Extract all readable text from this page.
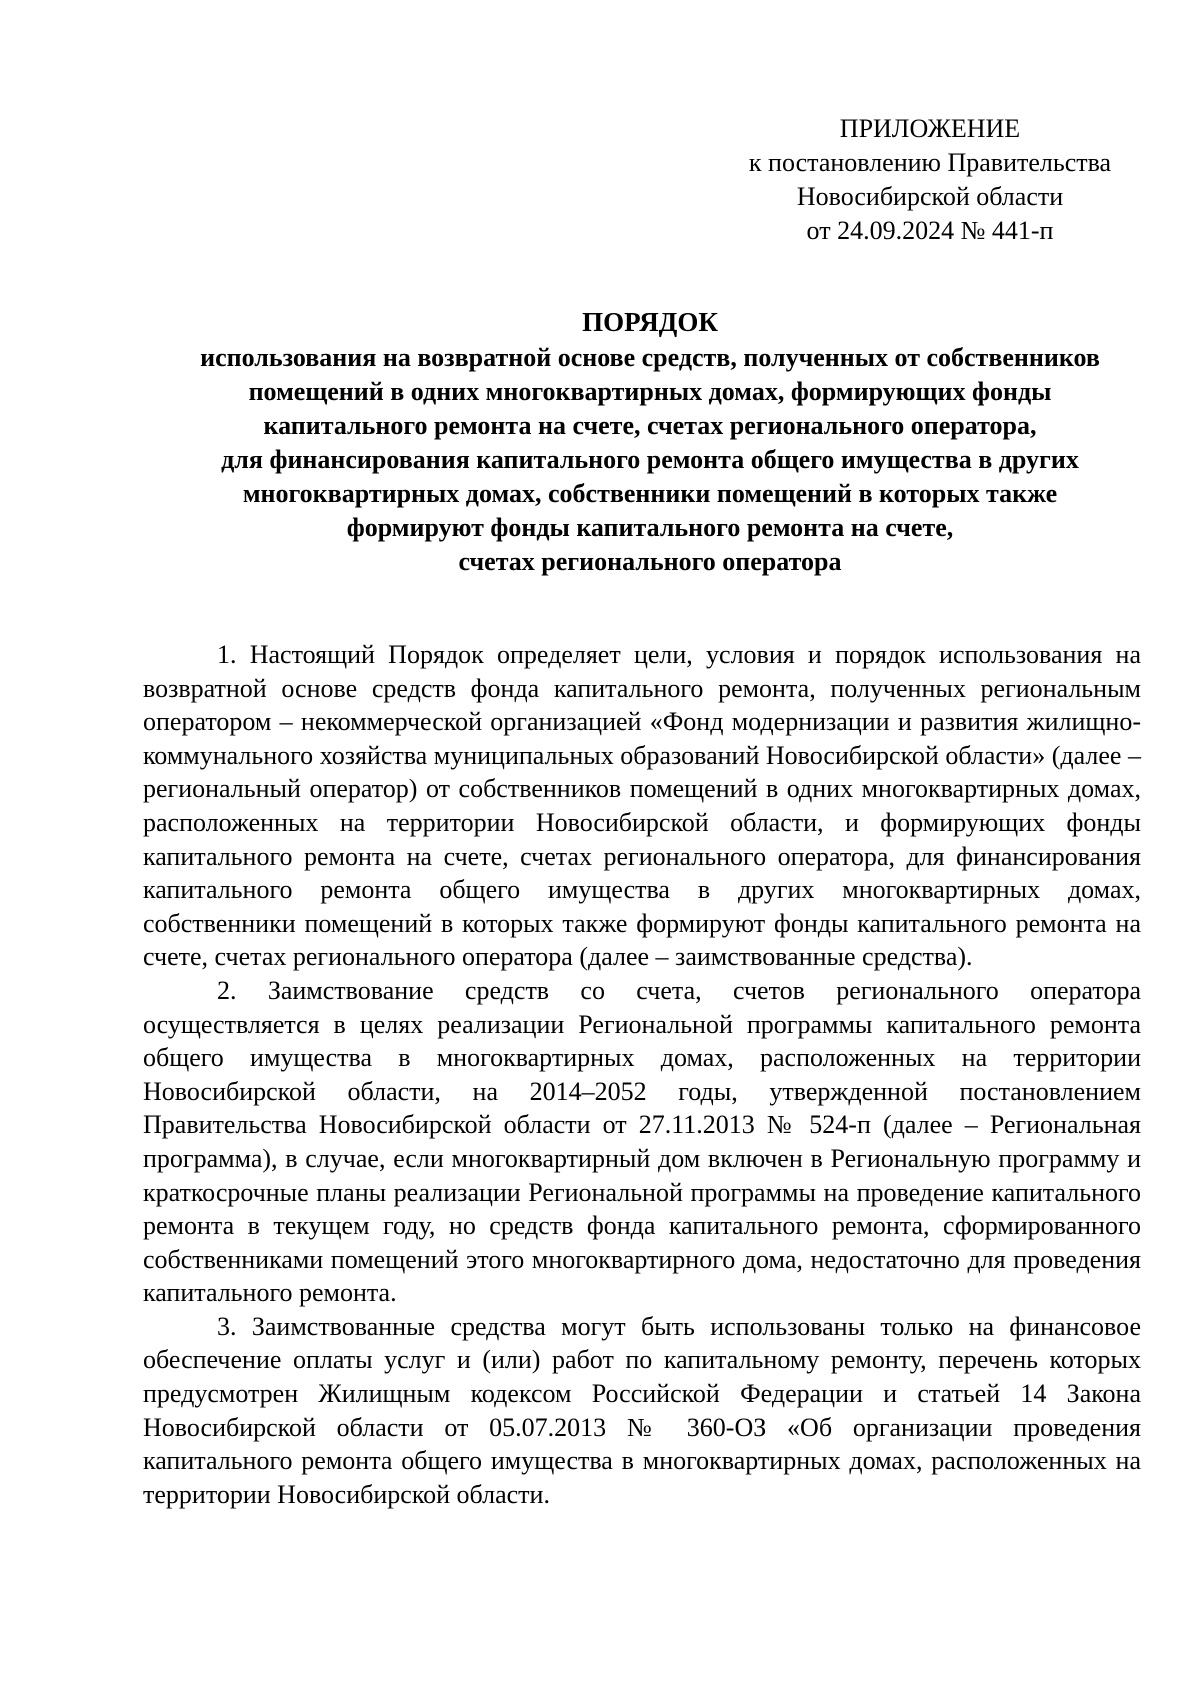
ПРИЛОЖЕНИЕ
к постановлению Правительства
Новосибирской области
от 24.09.2024 № 441-п
ПОРЯДОК
использования на возвратной основе средств, полученных от собственников
помещений в одних многоквартирных домах, формирующих фонды
капитального ремонта на счете, счетах регионального оператора,
для финансирования капитального ремонта общего имущества в других
многоквартирных домах, собственники помещений в которых также
формируют фонды капитального ремонта на счете,
счетах регионального оператора

1. Настоящий Порядок определяет цели, условия и порядок использования на возвратной основе средств фонда капитального ремонта, полученных региональным оператором – некоммерческой организацией «Фонд модернизации и развития жилищно-коммунального хозяйства муниципальных образований Новосибирской области» (далее – региональный оператор) от собственников помещений в одних многоквартирных домах, расположенных на территории Новосибирской области, и формирующих фонды капитального ремонта на счете, счетах регионального оператора, для финансирования капитального ремонта общего имущества в других многоквартирных домах, собственники помещений в которых также формируют фонды капитального ремонта на счете, счетах регионального оператора (далее – заимствованные средства).

2. Заимствование средств со счета, счетов регионального оператора осуществляется в целях реализации Региональной программы капитального ремонта общего имущества в многоквартирных домах, расположенных на территории Новосибирской области, на 2014–2052 годы, утвержденной постановлением Правительства Новосибирской области от 27.11.2013 № 524-п (далее – Региональная программа), в случае, если многоквартирный дом включен в Региональную программу и краткосрочные планы реализации Региональной программы на проведение капитального ремонта в текущем году, но средств фонда капитального ремонта, сформированного собственниками помещений этого многоквартирного дома, недостаточно для проведения капитального ремонта.

3. Заимствованные средства могут быть использованы только на финансовое обеспечение оплаты услуг и (или) работ по капитальному ремонту, перечень которых предусмотрен Жилищным кодексом Российской Федерации и статьей 14 Закона Новосибирской области от 05.07.2013 № 360-ОЗ «Об организации проведения капитального ремонта общего имущества в многоквартирных домах, расположенных на территории Новосибирской области.
